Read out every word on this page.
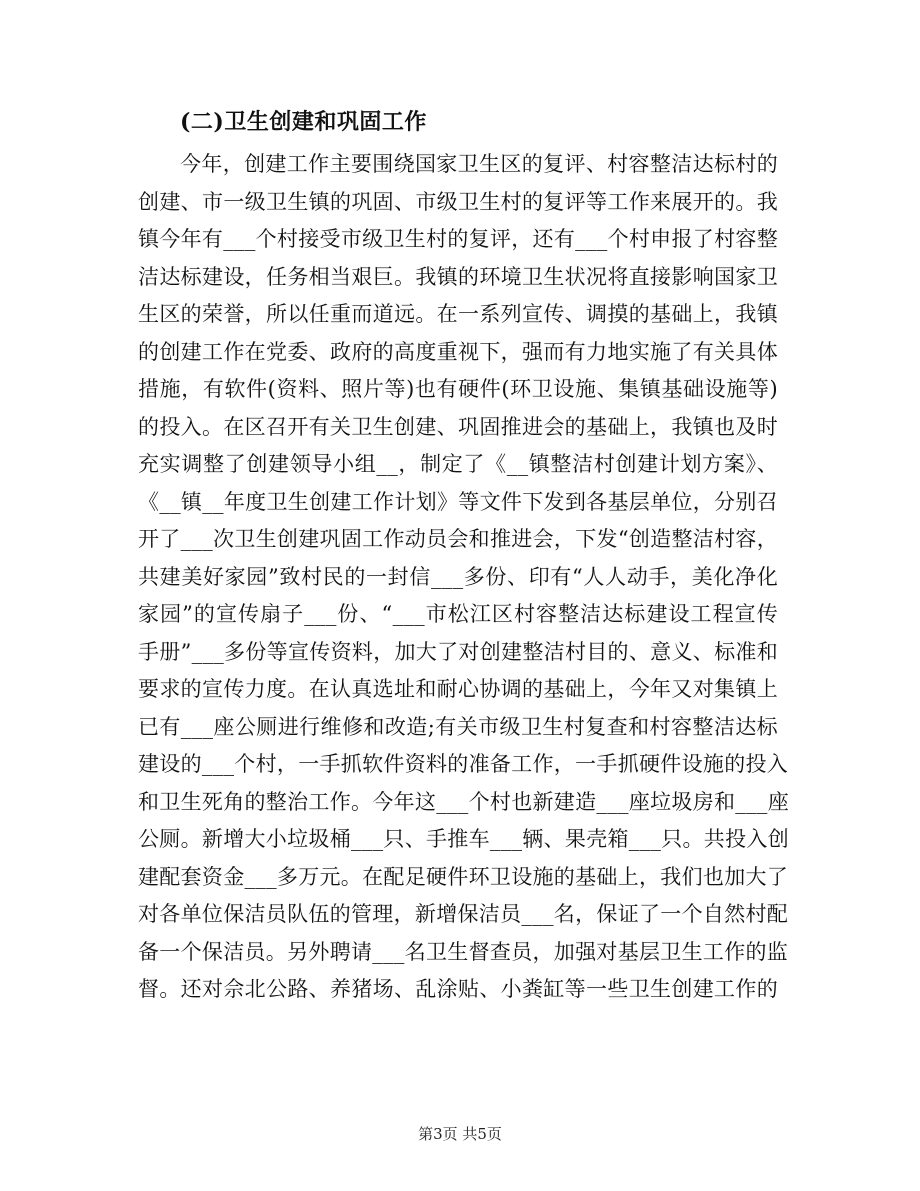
(二)卫生创建和巩固工作
今年，创建工作主要围绕国家卫生区的复评、村容整洁达标村的
创建、市一级卫生镇的巩固、市级卫生村的复评等工作来展开的。我
镇今年有___个村接受市级卫生村的复评，还有___个村申报了村容整
洁达标建设，任务相当艰巨。我镇的环境卫生状况将直接影响国家卫
生区的荣誉，所以任重而道远。在一系列宣传、调摸的基础上，我镇
的创建工作在党委、政府的高度重视下，强而有力地实施了有关具体
措施，有软件(资料、照片等)也有硬件(环卫设施、集镇基础设施等)
的投入。在区召开有关卫生创建、巩固推进会的基础上，我镇也及时
充实调整了创建领导小组__，制定了《__镇整洁村创建计划方案》、
《__镇__年度卫生创建工作计划》等文件下发到各基层单位，分别召
开了___次卫生创建巩固工作动员会和推进会，下发“创造整洁村容，
共建美好家园”致村民的一封信___多份、印有“人人动手，美化净化
家园”的宣传扇子___份、“___市松江区村容整洁达标建设工程宣传
手册”___多份等宣传资料，加大了对创建整洁村目的、意义、标准和
要求的宣传力度。在认真选址和耐心协调的基础上，今年又对集镇上
已有___座公厕进行维修和改造;有关市级卫生村复查和村容整洁达标
建设的___个村，一手抓软件资料的准备工作，一手抓硬件设施的投入
和卫生死角的整治工作。今年这___个村也新建造___座垃圾房和___座
公厕。新增大小垃圾桶___只、手推车___辆、果壳箱___只。共投入创
建配套资金___多万元。在配足硬件环卫设施的基础上，我们也加大了
对各单位保洁员队伍的管理，新增保洁员___名，保证了一个自然村配
备一个保洁员。另外聘请___名卫生督查员，加强对基层卫生工作的监
督。还对佘北公路、养猪场、乱涂贴、小粪缸等一些卫生创建工作的
第3页 共5页
